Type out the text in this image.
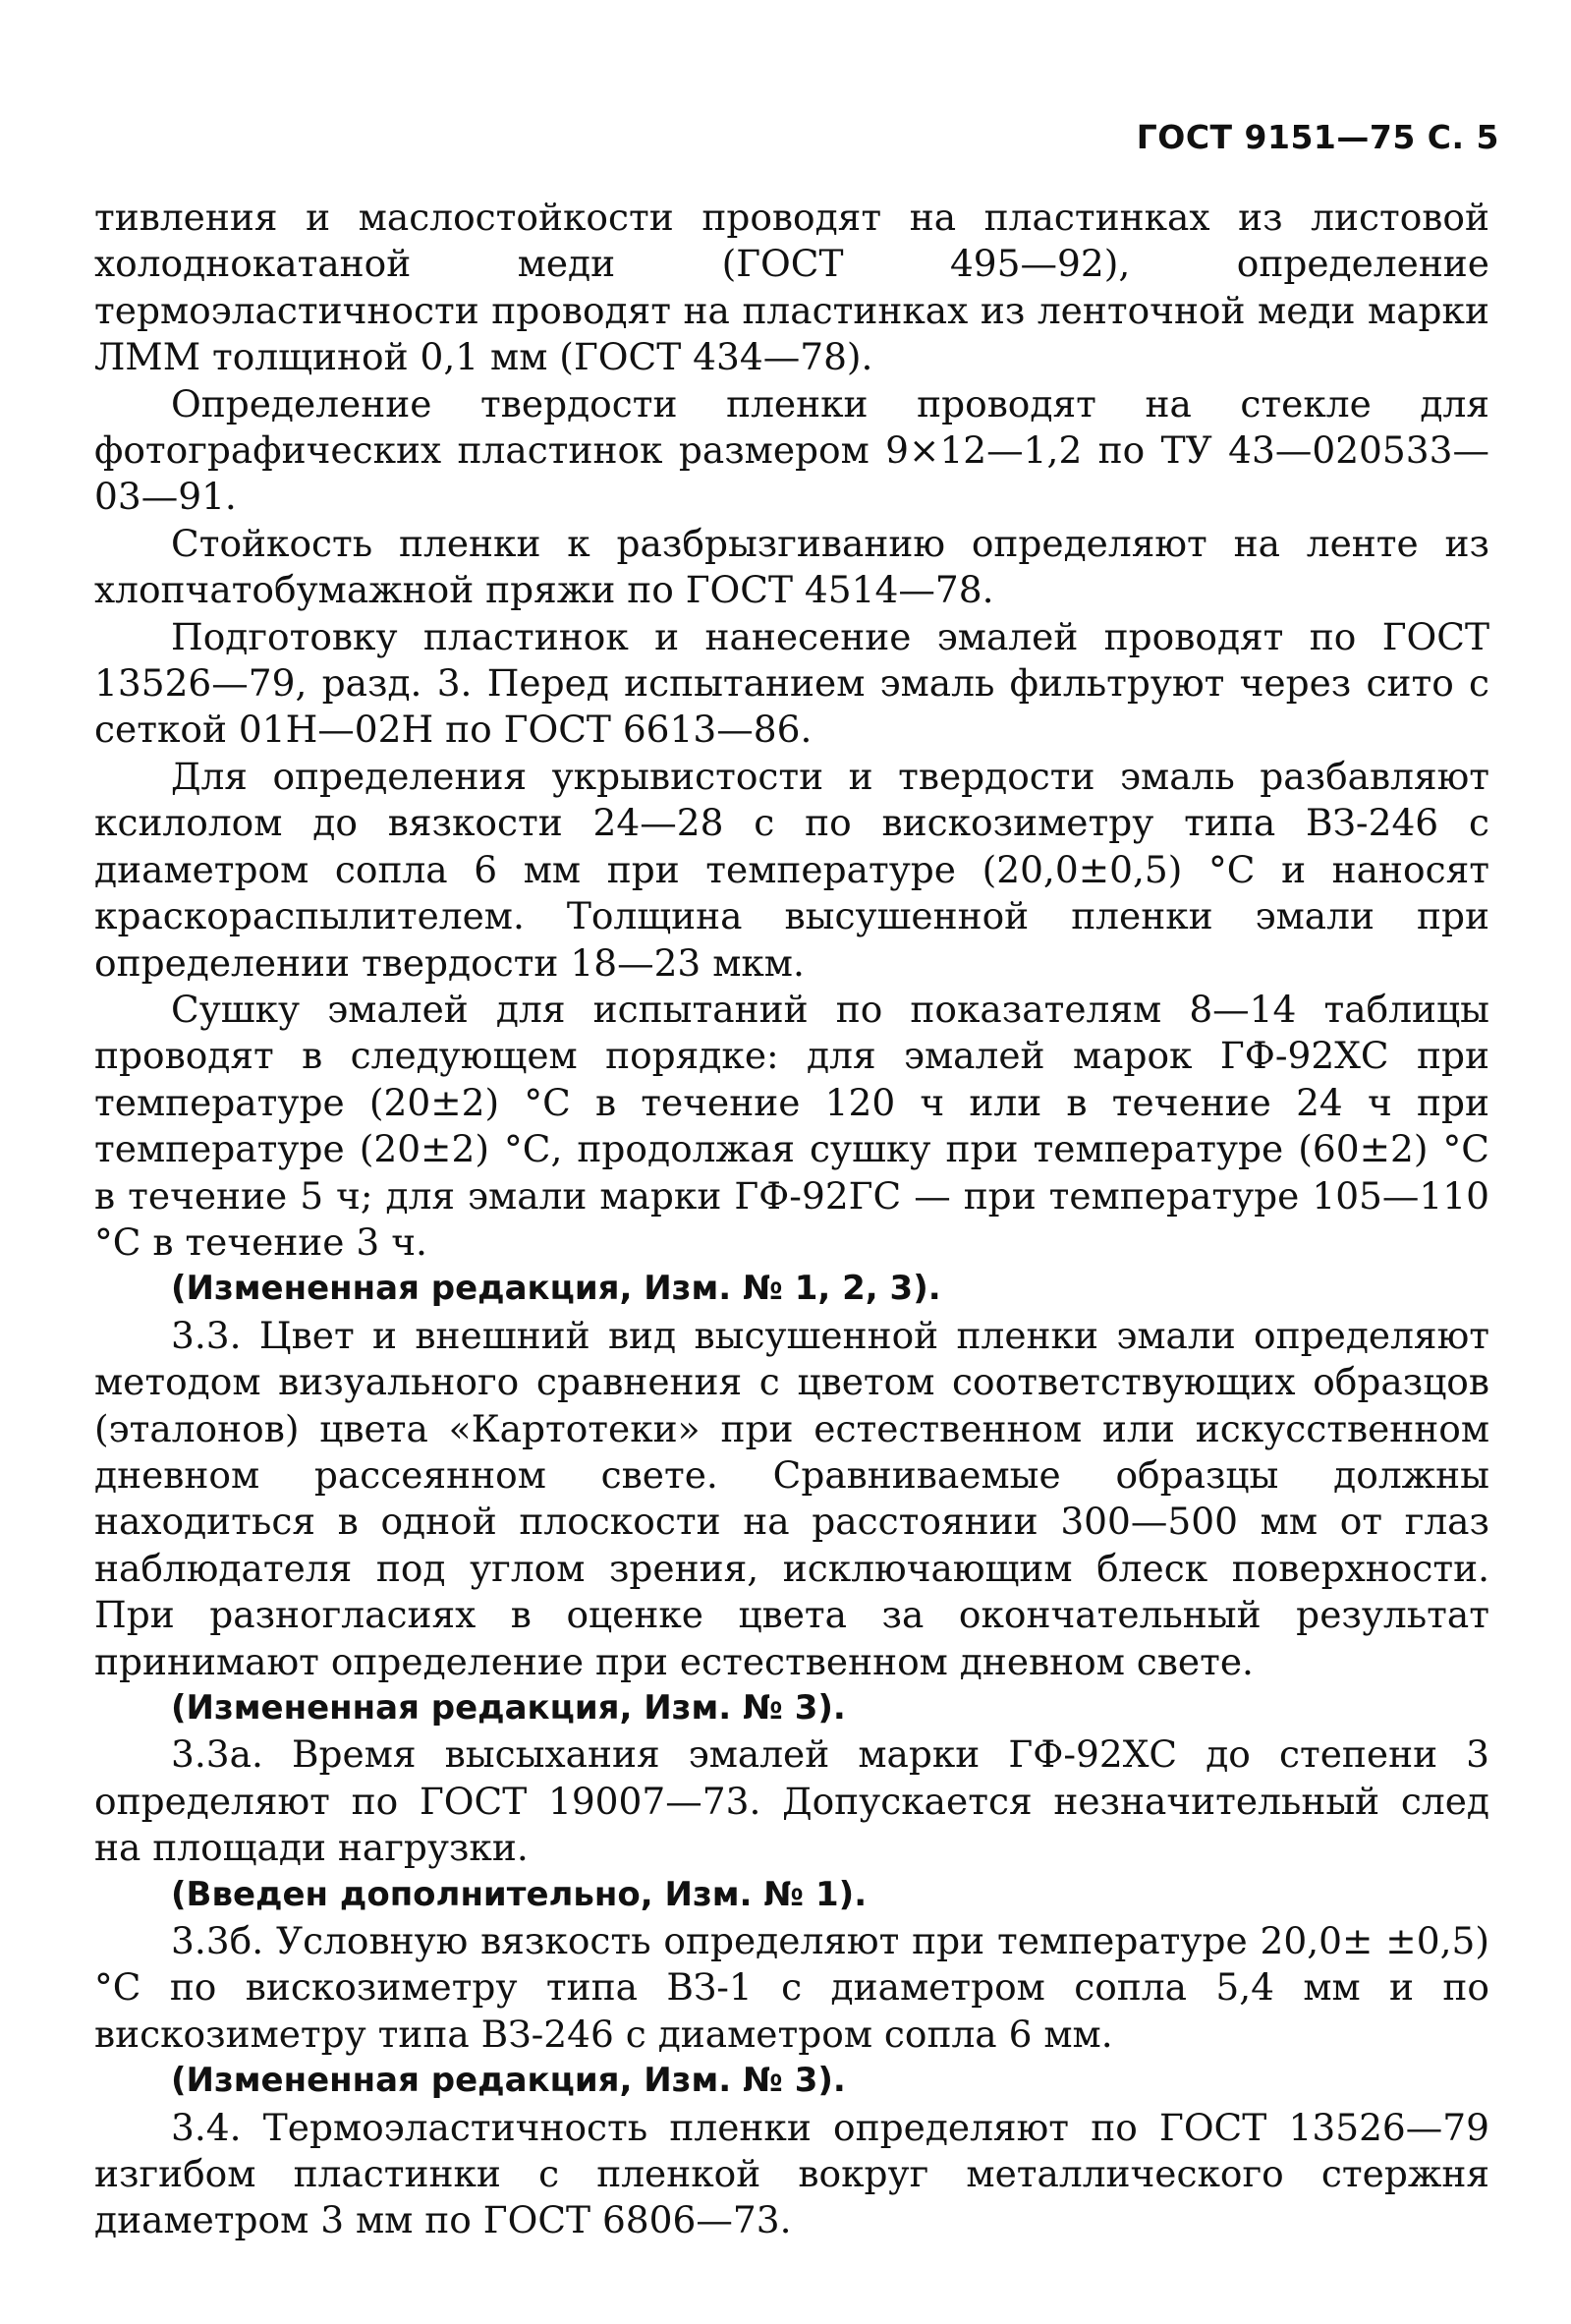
ГОСТ 9151—75 С. 5

тивления и маслостойкости проводят на пластинках из листовой холоднокатаной меди (ГОСТ 495—92), определение термоэластичности проводят на пластинках из ленточной меди марки ЛММ толщиной 0,1 мм (ГОСТ 434—78).

Определение твердости пленки проводят на стекле для фотографических пластинок размером 9×12—1,2 по ТУ 43—020533—03—91.

Стойкость пленки к разбрызгиванию определяют на ленте из хлопчатобумажной пряжи по ГОСТ 4514—78.

Подготовку пластинок и нанесение эмалей проводят по ГОСТ 13526—79, разд. 3. Перед испытанием эмаль фильтруют через сито с сеткой 01Н—02Н по ГОСТ 6613—86.

Для определения укрывистости и твердости эмаль разбавляют ксилолом до вязкости 24—28 с по вискозиметру типа ВЗ-246 с диаметром сопла 6 мм при температуре (20,0±0,5) °С и наносят краскораспылителем. Толщина высушенной пленки эмали при определении твердости 18—23 мкм.

Сушку эмалей для испытаний по показателям 8—14 таблицы проводят в следующем порядке: для эмалей марок ГФ-92ХС при температуре (20±2) °С в течение 120 ч или в течение 24 ч при температуре (20±2) °С, продолжая сушку при температуре (60±2) °С в течение 5 ч; для эмали марки ГФ-92ГС — при температуре 105—110 °С в течение 3 ч.

(Измененная редакция, Изм. № 1, 2, 3).

3.3. Цвет и внешний вид высушенной пленки эмали определяют методом визуального сравнения с цветом соответствующих образцов (эталонов) цвета «Картотеки» при естественном или искусственном дневном рассеянном свете. Сравниваемые образцы должны находиться в одной плоскости на расстоянии 300—500 мм от глаз наблюдателя под углом зрения, исключающим блеск поверхности. При разногласиях в оценке цвета за окончательный результат принимают определение при естественном дневном свете.

(Измененная редакция, Изм. № 3).

3.3а. Время высыхания эмалей марки ГФ-92ХС до степени 3 определяют по ГОСТ 19007—73. Допускается незначительный след на площади нагрузки.

(Введен дополнительно, Изм. № 1).

3.3б. Условную вязкость определяют при температуре 20,0± ±0,5) °С по вискозиметру типа ВЗ-1 с диаметром сопла 5,4 мм и по вискозиметру типа ВЗ-246 с диаметром сопла 6 мм.

(Измененная редакция, Изм. № 3).

3.4. Термоэластичность пленки определяют по ГОСТ 13526—79 изгибом пластинки с пленкой вокруг металлического стержня диаметром 3 мм по ГОСТ 6806—73.
